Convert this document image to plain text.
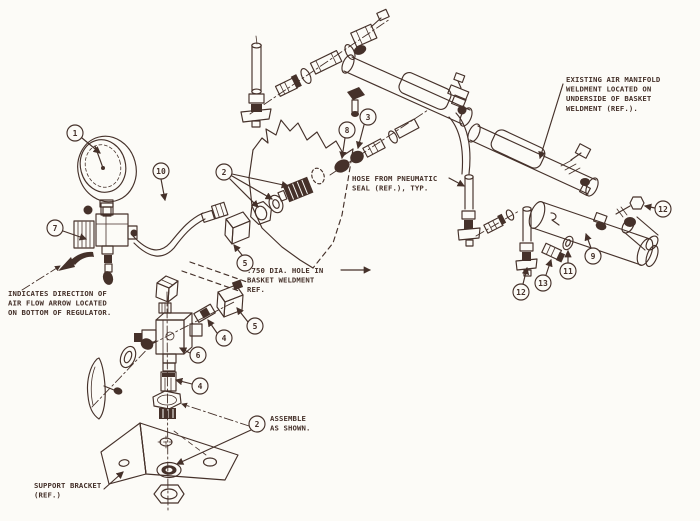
1
7
10	2
8
3
5
12
9
11
13
12
5
4
6
4
2
EXISTING AIR MANIFOLD
WELDMENT LOCATED ON
UNDERSIDE OF BASKET
WELDMENT (REF.).
HOSE FROM PNEUMATIC
SEAL (REF.), TYP.
.750 DIA. HOLE IN
BASKET WELDMENT
REF.
INDICATES DIRECTION OF
AIR FLOW ARROW LOCATED
ON BOTTOM OF REGULATOR.
ASSEMBLE
AS SHOWN.
SUPPORT BRACKET
(REF.)
